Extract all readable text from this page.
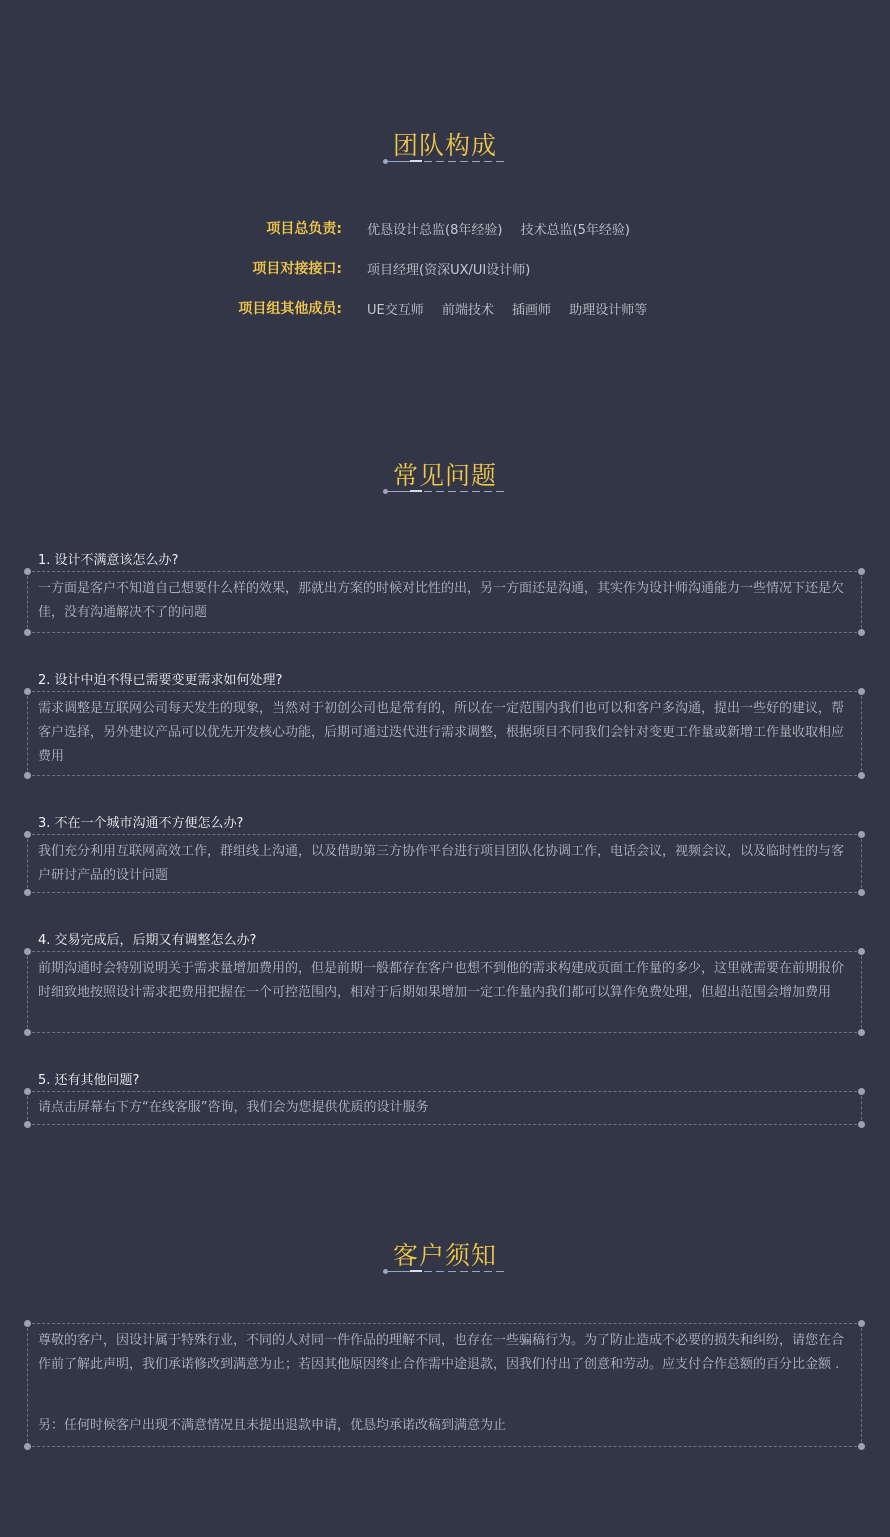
团队构成
项目总负责: 优恳设计总监(8年经验) 技术总监(5年经验)
项目对接接口: 项目经理(资深UX/UI设计师)
项目组其他成员: UE交互师 前端技术 插画师 助理设计师等
常见问题
1. 设计不满意该怎么办?

一方面是客户不知道自己想要什么样的效果，那就出方案的时候对比性的出，另一方面还是沟通，其实作为设计师沟通能力一些情况下还是欠佳，没有沟通解决不了的问题

2. 设计中迫不得已需要变更需求如何处理?

需求调整是互联网公司每天发生的现象，当然对于初创公司也是常有的，所以在一定范围内我们也可以和客户多沟通，提出一些好的建议，帮客户选择，另外建议产品可以优先开发核心功能，后期可通过迭代进行需求调整，根据项目不同我们会针对变更工作量或新增工作量收取相应费用

3. 不在一个城市沟通不方便怎么办?

我们充分利用互联网高效工作，群组线上沟通，以及借助第三方协作平台进行项目团队化协调工作，电话会议，视频会议，以及临时性的与客户研讨产品的设计问题

4. 交易完成后，后期又有调整怎么办?

前期沟通时会特别说明关于需求量增加费用的，但是前期一般都存在客户也想不到他的需求构建成页面工作量的多少，这里就需要在前期报价时细致地按照设计需求把费用把握在一个可控范围内，相对于后期如果增加一定工作量内我们都可以算作免费处理，但超出范围会增加费用

5. 还有其他问题?

请点击屏幕右下方“在线客服”咨询，我们会为您提供优质的设计服务

客户须知

尊敬的客户，因设计属于特殊行业，不同的人对同一件作品的理解不同，也存在一些骗稿行为。为了防止造成不必要的损失和纠纷，请您在合作前了解此声明，我们承诺修改到满意为止；若因其他原因终止合作需中途退款，因我们付出了创意和劳动。应支付合作总额的百分比金额 .

另：任何时候客户出现不满意情况且未提出退款申请，优恳均承诺改稿到满意为止
